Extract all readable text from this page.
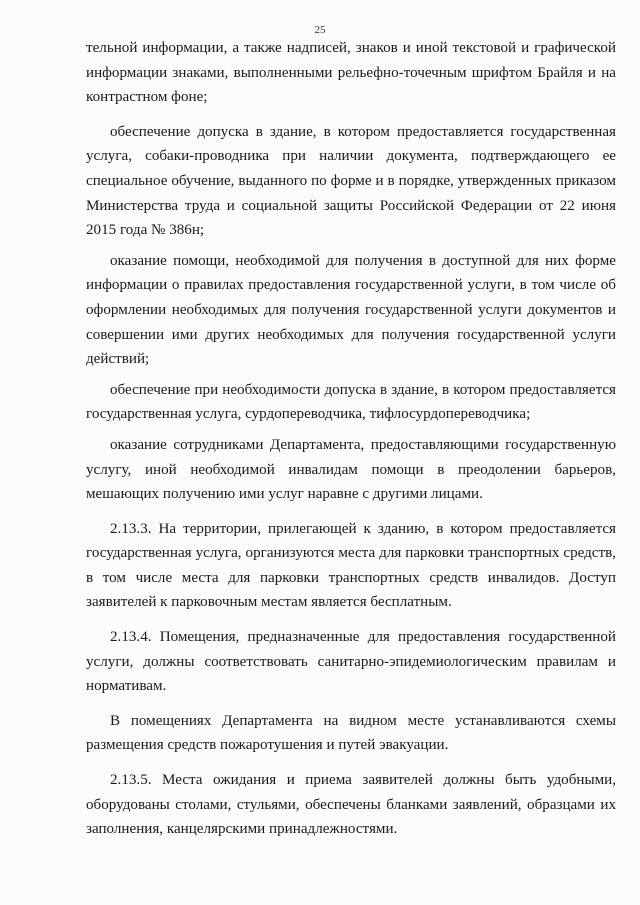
25

тельной информации, а также надписей, знаков и иной текстовой и графической информации знаками, выполненными рельефно-точечным шрифтом Брайля и на контрастном фоне;

обеспечение допуска в здание, в котором предоставляется государственная услуга, собаки-проводника при наличии документа, подтверждающего ее специальное обучение, выданного по форме и в порядке, утвержденных приказом Министерства труда и социальной защиты Российской Федерации от 22 июня 2015 года № 386н;

оказание помощи, необходимой для получения в доступной для них форме информации о правилах предоставления государственной услуги, в том числе об оформлении необходимых для получения государственной услуги документов и совершении ими других необходимых для получения государственной услуги действий;

обеспечение при необходимости допуска в здание, в котором предоставляется государственная услуга, сурдопереводчика, тифлосурдопереводчика;

оказание сотрудниками Департамента, предоставляющими государственную услугу, иной необходимой инвалидам помощи в преодолении барьеров, мешающих получению ими услуг наравне с другими лицами.

2.13.3. На территории, прилегающей к зданию, в котором предоставляется государственная услуга, организуются места для парковки транспортных средств, в том числе места для парковки транспортных средств инвалидов. Доступ заявителей к парковочным местам является бесплатным.

2.13.4. Помещения, предназначенные для предоставления государственной услуги, должны соответствовать санитарно-эпидемиологическим правилам и нормативам.

В помещениях Департамента на видном месте устанавливаются схемы размещения средств пожаротушения и путей эвакуации.

2.13.5. Места ожидания и приема заявителей должны быть удобными, оборудованы столами, стульями, обеспечены бланками заявлений, образцами их заполнения, канцелярскими принадлежностями.
